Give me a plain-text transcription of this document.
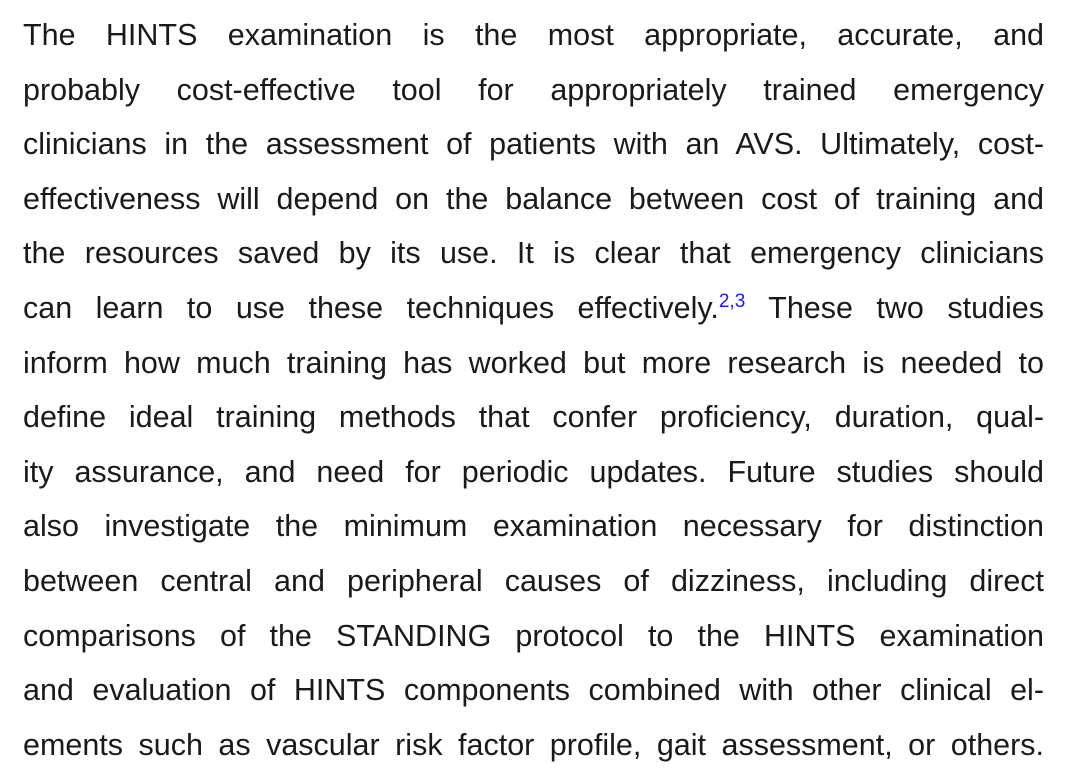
The HINTS examination is the most appropriate, accurate, and
probably cost-effective tool for appropriately trained emergency
clinicians in the assessment of patients with an AVS. Ultimately, cost-
effectiveness will depend on the balance between cost of training and
the resources saved by its use. It is clear that emergency clinicians
can learn to use these techniques effectively.$^{2,3}$ These two studies
inform how much training has worked but more research is needed to
define ideal training methods that confer proficiency, duration, qual-
ity assurance, and need for periodic updates. Future studies should
also investigate the minimum examination necessary for distinction
between central and peripheral causes of dizziness, including direct
comparisons of the STANDING protocol to the HINTS examination
and evaluation of HINTS components combined with other clinical el-
ements such as vascular risk factor profile, gait assessment, or others.
